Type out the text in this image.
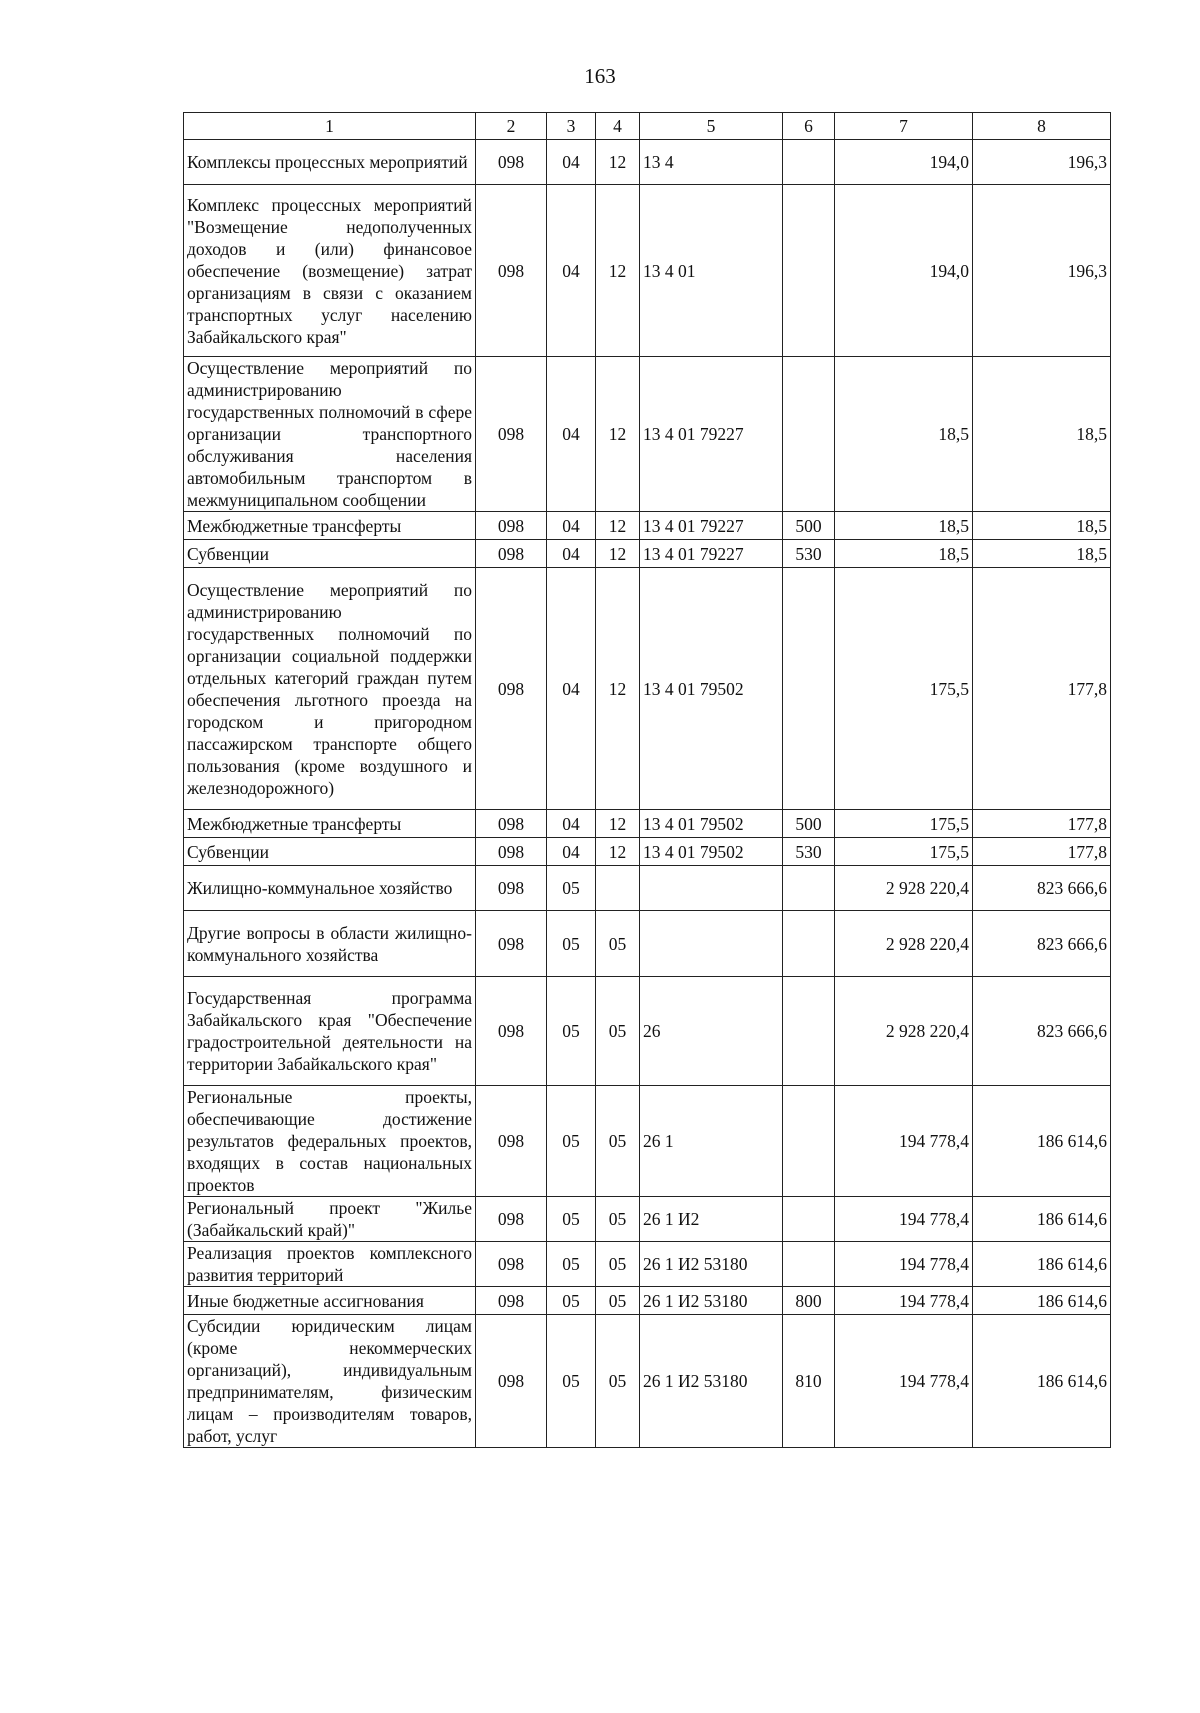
163
1	2	3	4	5	6	7	8
Комплексы процессных мероприятий	098	04	12	13 4		194,0	196,3
Комплекс процессных мероприятий "Возмещение недополученных доходов и (или) финансовое обеспечение (возмещение) затрат организациям в связи с оказанием транспортных услуг населению Забайкальского края"	098	04	12	13 4 01		194,0	196,3
Осуществление мероприятий по администрированию государственных полномочий в сфере организации транспортного обслуживания населения автомобильным транспортом в межмуниципальном сообщении	098	04	12	13 4 01 79227		18,5	18,5
Межбюджетные трансферты	098	04	12	13 4 01 79227	500	18,5	18,5
Субвенции	098	04	12	13 4 01 79227	530	18,5	18,5
Осуществление мероприятий по администрированию государственных полномочий по организации социальной поддержки отдельных категорий граждан путем обеспечения льготного проезда на городском и пригородном пассажирском транспорте общего пользования (кроме воздушного и железнодорожного)	098	04	12	13 4 01 79502		175,5	177,8
Межбюджетные трансферты	098	04	12	13 4 01 79502	500	175,5	177,8
Субвенции	098	04	12	13 4 01 79502	530	175,5	177,8
Жилищно-коммунальное хозяйство	098	05				2 928 220,4	823 666,6
Другие вопросы в области жилищно-коммунального хозяйства	098	05	05			2 928 220,4	823 666,6
Государственная программа Забайкальского края "Обеспечение градостроительной деятельности на территории Забайкальского края"	098	05	05	26		2 928 220,4	823 666,6
Региональные проекты, обеспечивающие достижение результатов федеральных проектов, входящих в состав национальных проектов	098	05	05	26 1		194 778,4	186 614,6
Региональный проект "Жилье (Забайкальский край)"	098	05	05	26 1 И2		194 778,4	186 614,6
Реализация проектов комплексного развития территорий	098	05	05	26 1 И2 53180		194 778,4	186 614,6
Иные бюджетные ассигнования	098	05	05	26 1 И2 53180	800	194 778,4	186 614,6
Субсидии юридическим лицам (кроме некоммерческих организаций), индивидуальным предпринимателям, физическим лицам – производителям товаров, работ, услуг	098	05	05	26 1 И2 53180	810	194 778,4	186 614,6
